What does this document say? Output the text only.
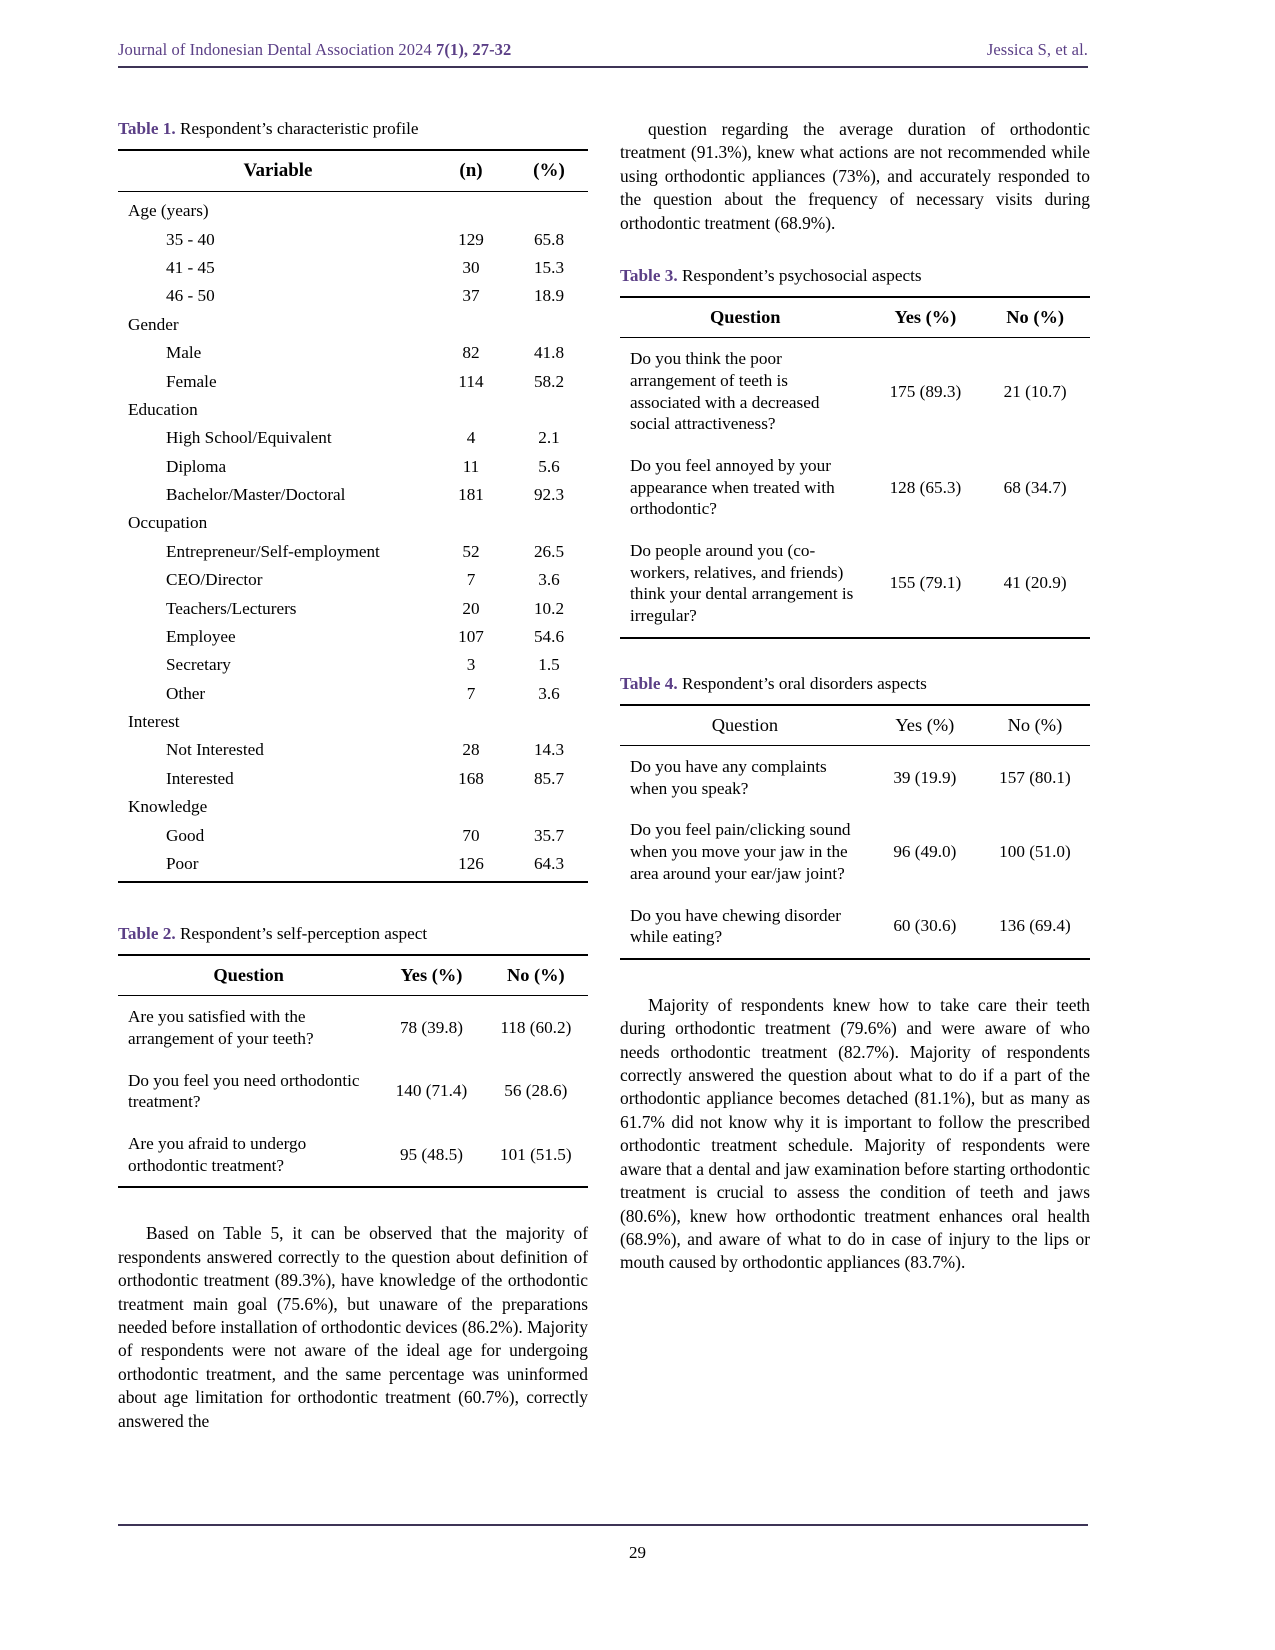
Journal of Indonesian Dental Association 2024 7(1), 27-32	Jessica S, et al.
Table 1. Respondent’s characteristic profile
Variable	(n)	(%)
Age (years)		
35 - 40	129	65.8
41 - 45	30	15.3
46 - 50	37	18.9
Gender		
Male	82	41.8
Female	114	58.2
Education		
High School/Equivalent	4	2.1
Diploma	11	5.6
Bachelor/Master/Doctoral	181	92.3
Occupation		
Entrepreneur/Self-employment	52	26.5
CEO/Director	7	3.6
Teachers/Lecturers	20	10.2
Employee	107	54.6
Secretary	3	1.5
Other	7	3.6
Interest		
Not Interested	28	14.3
Interested	168	85.7
Knowledge		
Good	70	35.7
Poor	126	64.3
Table 2. Respondent’s self-perception aspect
Question	Yes (%)	No (%)
Are you satisfied with the arrangement of your teeth?	78 (39.8)	118 (60.2)
Do you feel you need orthodontic treatment?	140 (71.4)	56 (28.6)
Are you afraid to undergo orthodontic treatment?	95 (48.5)	101 (51.5)

Based on Table 5, it can be observed that the majority of respondents answered correctly to the question about definition of orthodontic treatment (89.3%), have knowledge of the orthodontic treatment main goal (75.6%), but unaware of the preparations needed before installation of orthodontic devices (86.2%). Majority of respondents were not aware of the ideal age for undergoing orthodontic treatment, and the same percentage was uninformed about age limitation for orthodontic treatment (60.7%), correctly answered the

question regarding the average duration of orthodontic treatment (91.3%), knew what actions are not recommended while using orthodontic appliances (73%), and accurately responded to the question about the frequency of necessary visits during orthodontic treatment (68.9%).

Table 3. Respondent’s psychosocial aspects
Question	Yes (%)	No (%)
Do you think the poor arrangement of teeth is associated with a decreased social attractiveness?	175 (89.3)	21 (10.7)
Do you feel annoyed by your appearance when treated with orthodontic?	128 (65.3)	68 (34.7)
Do people around you (co-workers, relatives, and friends) think your dental arrangement is irregular?	155 (79.1)	41 (20.9)
Table 4. Respondent’s oral disorders aspects
Question	Yes (%)	No (%)
Do you have any complaints when you speak?	39 (19.9)	157 (80.1)
Do you feel pain/clicking sound when you move your jaw in the area around your ear/jaw joint?	96 (49.0)	100 (51.0)
Do you have chewing disorder while eating?	60 (30.6)	136 (69.4)

Majority of respondents knew how to take care their teeth during orthodontic treatment (79.6%) and were aware of who needs orthodontic treatment (82.7%). Majority of respondents correctly answered the question about what to do if a part of the orthodontic appliance becomes detached (81.1%), but as many as 61.7% did not know why it is important to follow the prescribed orthodontic treatment schedule. Majority of respondents were aware that a dental and jaw examination before starting orthodontic treatment is crucial to assess the condition of teeth and jaws (80.6%), knew how orthodontic treatment enhances oral health (68.9%), and aware of what to do in case of injury to the lips or mouth caused by orthodontic appliances (83.7%).

29
